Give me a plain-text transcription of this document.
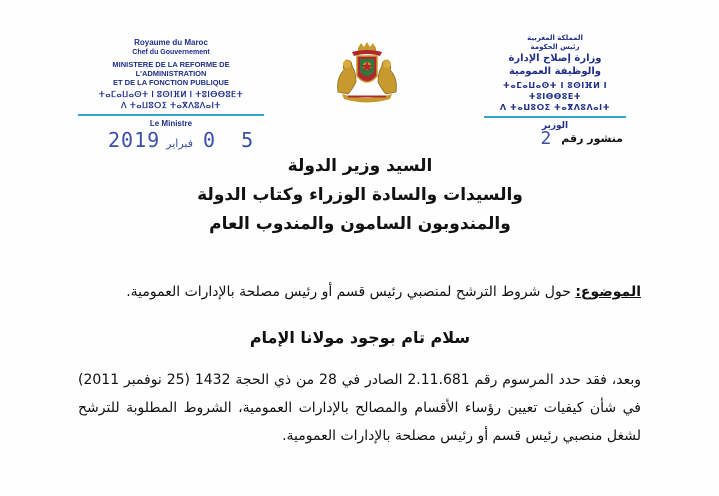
Royaume du Maroc
Chef du Gouvernement
MINISTERE DE LA REFORME DE L'ADMINISTRATION
ET DE LA FONCTION PUBLIQUE
ⵜⴰⵎⴰⵡⴰⵙⵜ ⵏ ⵓⵙⵏⴼⵍ ⵏ ⵜⵓⵏⴱⴱⵓⴹⵜ
ⴷ ⵜⴰⵡⵓⵔⵉ ⵜⴰⴳⴷⵓⴷⴰⵏⵜ
Le Ministre
المملكة المغربية
رئيس الحكومة
وزارة إصلاح الإدارة
والوظيفة العمومية
ⵜⴰⵎⴰⵡⴰⵙⵜ ⵏ ⵓⵙⵏⴼⵍ ⵏ ⵜⵓⵏⴱⴱⵓⴹⵜ
ⴷ ⵜⴰⵡⵓⵔⵉ ⵜⴰⴳⴷⵓⴷⴰⵏⵜ
الوزير
2019 فبراير 0 5	منشور رقم
2
السيد وزير الدولة
والسيدات والسادة الوزراء وكتاب الدولة
والمندوبون السامون والمندوب العام
الموضوع: حول شروط الترشح لمنصبي رئيس قسم أو رئيس مصلحة بالإدارات العمومية.
سلام تام بوجود مولانا الإمام
وبعد، فقد حدد المرسوم رقم 2.11.681 الصادر في 28 من ذي الحجة 1432 (25 نوفمبر 2011) في شأن كيفيات تعيين رؤساء الأقسام والمصالح بالإدارات العمومية، الشروط المطلوبة للترشح لشغل منصبي رئيس قسم أو رئيس مصلحة بالإدارات العمومية.
